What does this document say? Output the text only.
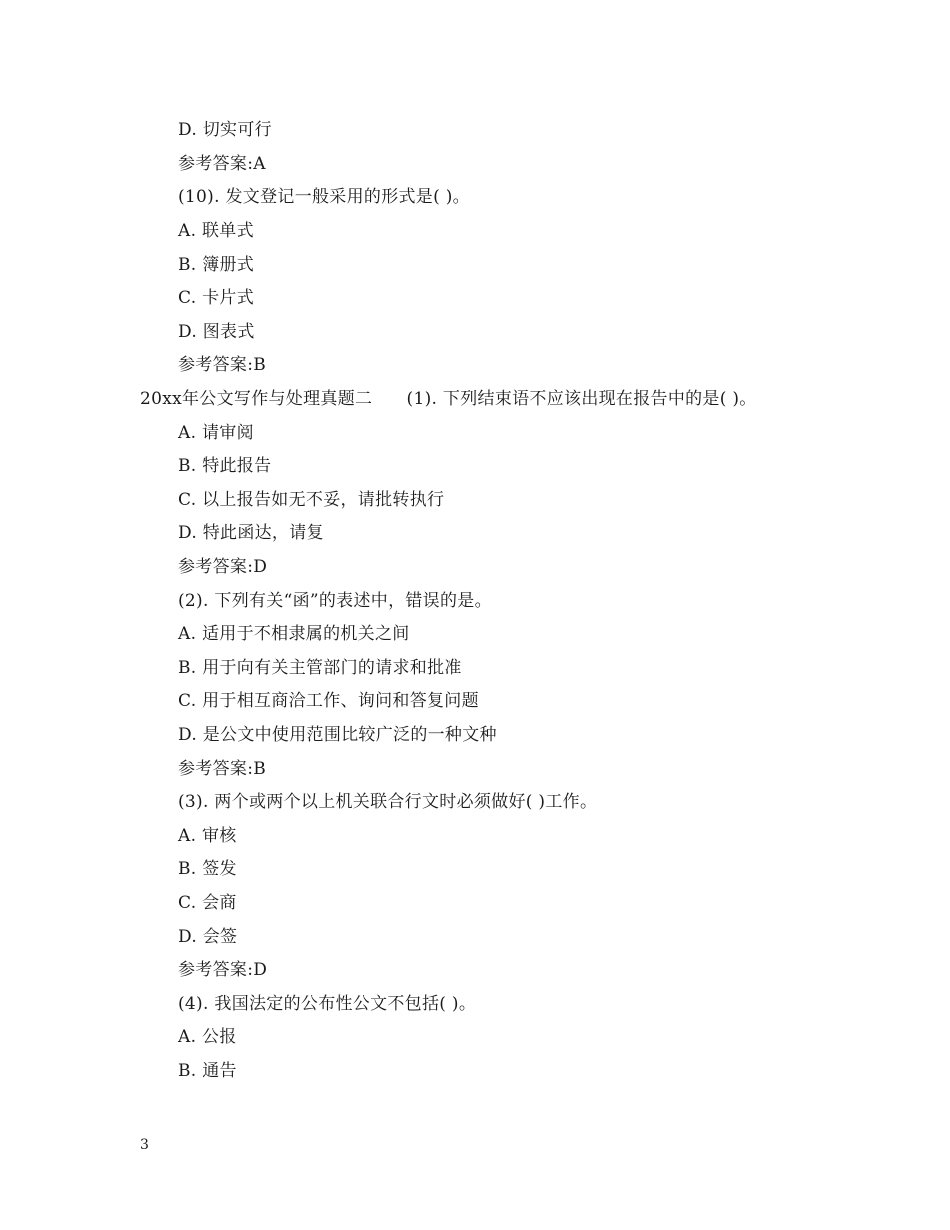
D. 切实可行
参考答案:A
(10). 发文登记一般采用的形式是( )。
A. 联单式
B. 簿册式
C. 卡片式
D. 图表式
参考答案:B
20xx年公文写作与处理真题二      (1). 下列结束语不应该出现在报告中的是( )。
A. 请审阅
B. 特此报告
C. 以上报告如无不妥，请批转执行
D. 特此函达，请复
参考答案:D
(2). 下列有关“函”的表述中，错误的是。
A. 适用于不相隶属的机关之间
B. 用于向有关主管部门的请求和批准
C. 用于相互商洽工作、询问和答复问题
D. 是公文中使用范围比较广泛的一种文种
参考答案:B
(3). 两个或两个以上机关联合行文时必须做好( )工作。
A. 审核
B. 签发
C. 会商
D. 会签
参考答案:D
(4). 我国法定的公布性公文不包括( )。
A. 公报
B. 通告
3
